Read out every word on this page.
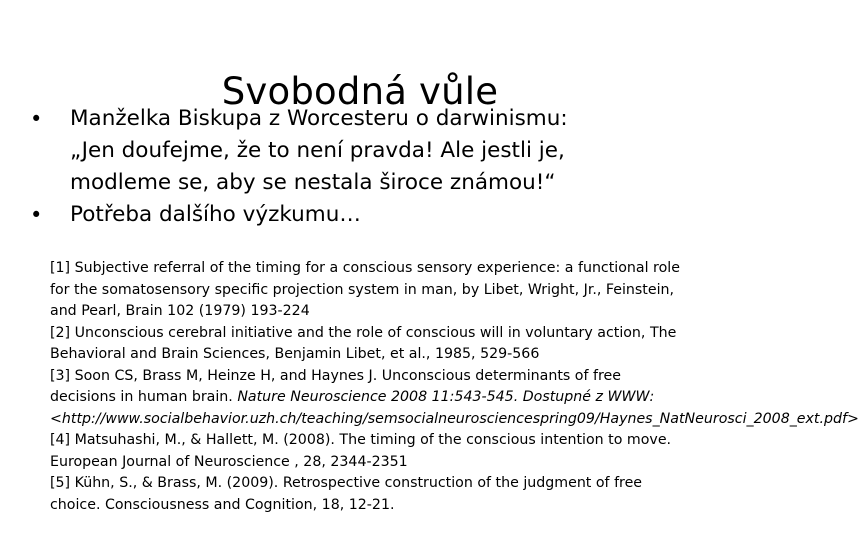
Svobodná vůle

•	Manželka Biskupa z Worcesteru o darwinismu:
„Jen doufejme, že to není pravda! Ale jestli je,
modleme se, aby se nestala široce známou!“

•	Potřeba dalšího výzkumu…

[1] Subjective referral of the timing for a conscious sensory experience: a functional role for the somatosensory specific projection system in man, by Libet, Wright, Jr., Feinstein, and Pearl, Brain 102 (1979) 193-224

[2] Unconscious cerebral initiative and the role of conscious will in voluntary action, The Behavioral and Brain Sciences, Benjamin Libet, et al., 1985, 529-566

[3] Soon CS, Brass M, Heinze H, and Haynes J. Unconscious determinants of free decisions in human brain. Nature Neuroscience 2008 11:543-545. Dostupné z WWW: <http://www.socialbehavior.uzh.ch/teaching/semsocialneurosciencespring09/Haynes_NatNeurosci_2008_ext.pdf>

[4] Matsuhashi, M., & Hallett, M. (2008). The timing of the conscious intention to move. European Journal of Neuroscience , 28, 2344-2351

[5] Kühn, S., & Brass, M. (2009). Retrospective construction of the judgment of free choice. Consciousness and Cognition, 18, 12-21.
